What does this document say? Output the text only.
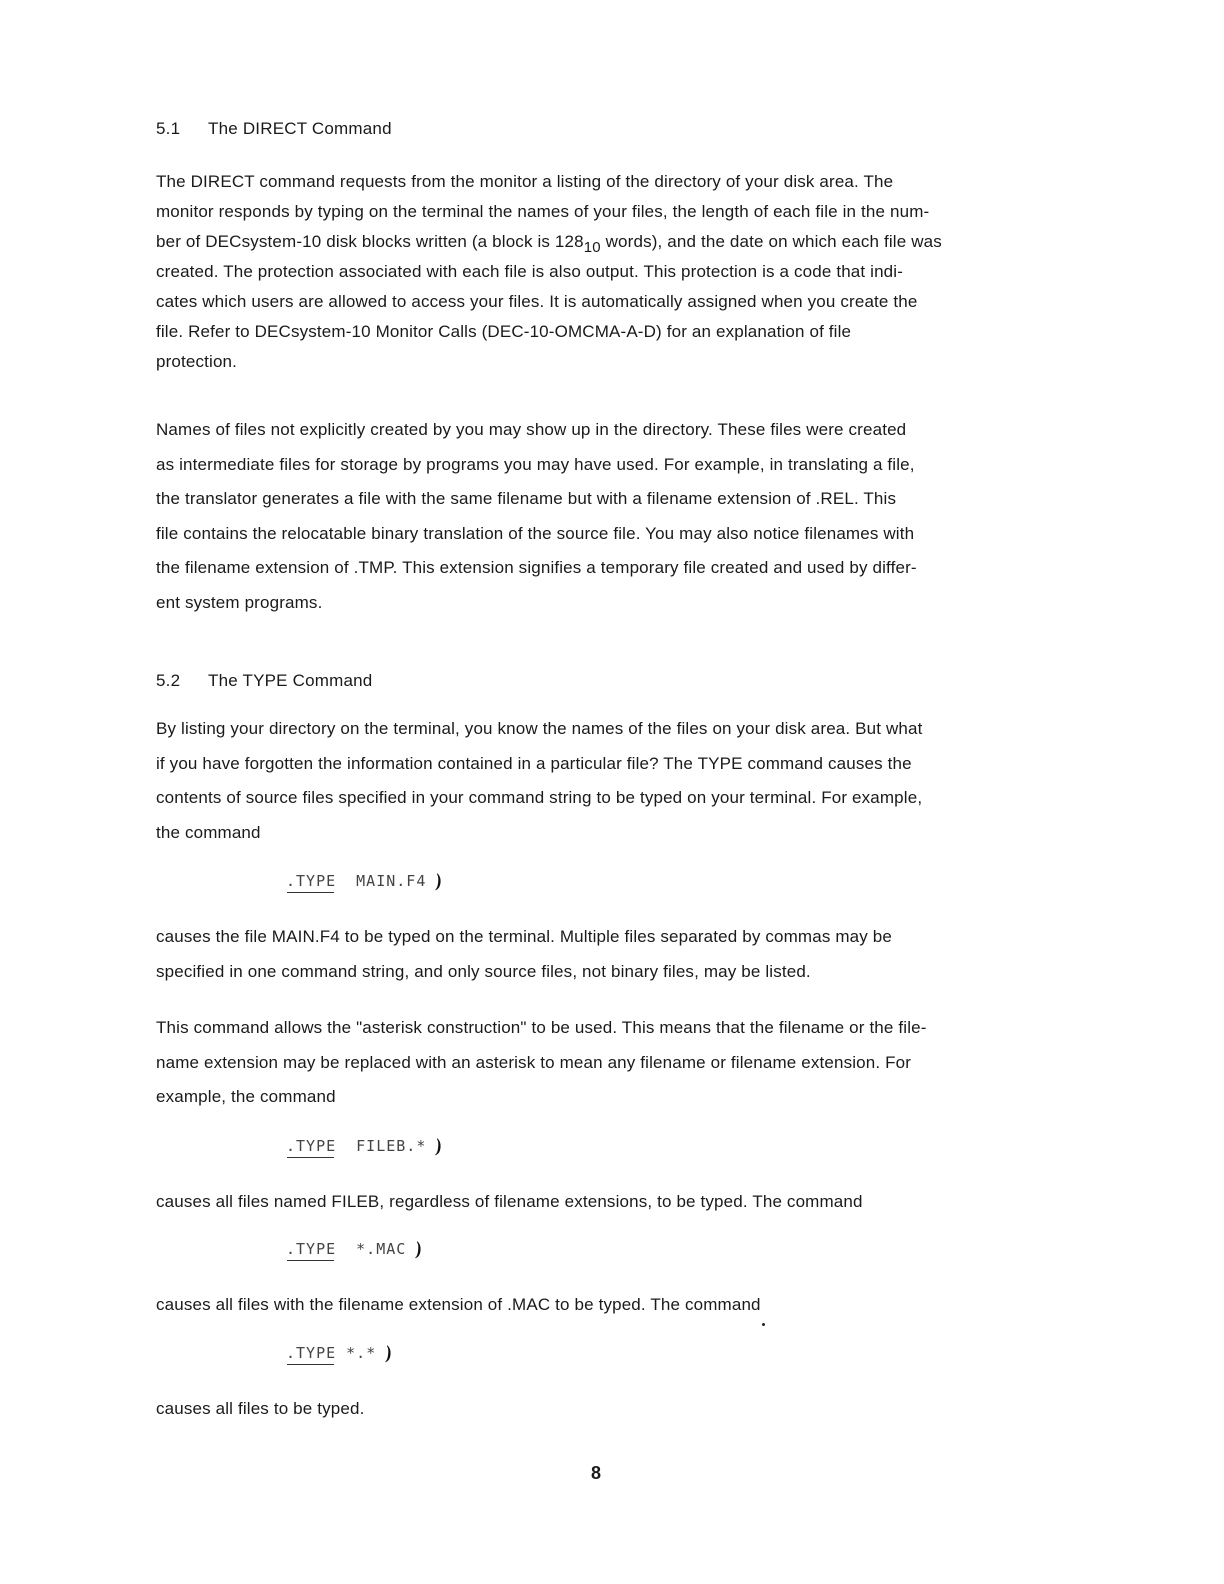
5.1 The DIRECT Command
The DIRECT command requests from the monitor a listing of the directory of your disk area. The
monitor responds by typing on the terminal the names of your files, the length of each file in the num-
ber of DECsystem-10 disk blocks written (a block is $128_{10}$ words), and the date on which each file was
created. The protection associated with each file is also output. This protection is a code that indi-
cates which users are allowed to access your files. It is automatically assigned when you create the
file. Refer to DECsystem-10 Monitor Calls (DEC-10-OMCMA-A-D) for an explanation of file
protection.
Names of files not explicitly created by you may show up in the directory. These files were created
as intermediate files for storage by programs you may have used. For example, in translating a file,
the translator generates a file with the same filename but with a filename extension of .REL. This
file contains the relocatable binary translation of the source file. You may also notice filenames with
the filename extension of .TMP. This extension signifies a temporary file created and used by differ-
ent system programs.
5.2 The TYPE Command
By listing your directory on the terminal, you know the names of the files on your disk area. But what
if you have forgotten the information contained in a particular file? The TYPE command causes the
contents of source files specified in your command string to be typed on your terminal. For example,
the command
.TYPE MAIN.F4 )
causes the file MAIN.F4 to be typed on the terminal. Multiple files separated by commas may be
specified in one command string, and only source files, not binary files, may be listed.
This command allows the "asterisk construction" to be used. This means that the filename or the file-
name extension may be replaced with an asterisk to mean any filename or filename extension. For
example, the command
.TYPE FILEB.* )
causes all files named FILEB, regardless of filename extensions, to be typed. The command
.TYPE *.MAC )
causes all files with the filename extension of .MAC to be typed. The command
.TYPE *.* )
causes all files to be typed.
8
